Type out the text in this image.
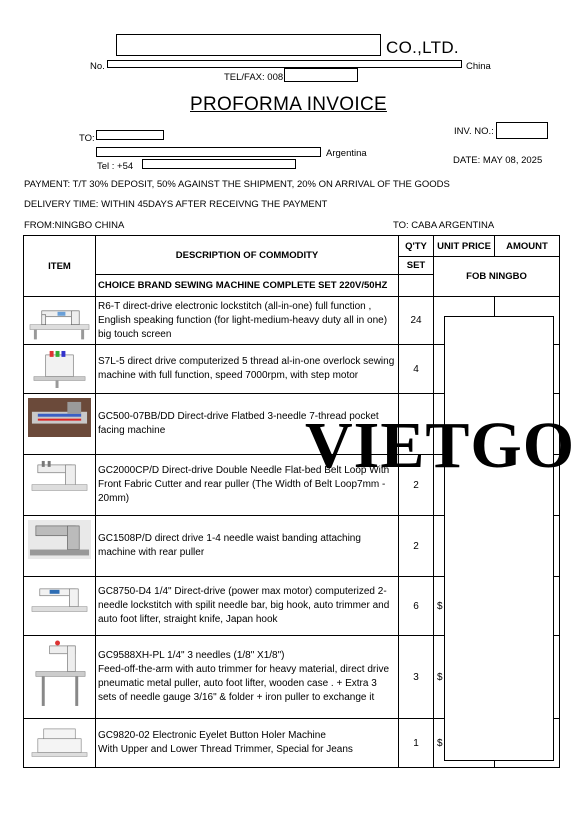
CO.,LTD.
No.	China
TEL/FAX: 008
PROFORMA INVOICE
TO:
Argentina
Tel : +54
INV. NO.:
DATE: MAY 08, 2025
PAYMENT: T/T 30% DEPOSIT, 50% AGAINST THE SHIPMENT, 20% ON ARRIVAL OF THE GOODS
DELIVERY TIME: WITHIN 45DAYS AFTER RECEIVNG THE PAYMENT
FROM:NINGBO CHINA	TO: CABA ARGENTINA
ITEM	DESCRIPTION OF COMMODITY	Q'TY	UNIT PRICE	AMOUNT
		SET	FOB NINGBO	
	CHOICE BRAND SEWING MACHINE COMPLETE SET 220V/50HZ			

	R6-T direct-drive electronic lockstitch (all-in-one) full function , English speaking function (for light-medium-heavy duty all in one) big touch screen	24		

	S7L-5 direct drive computerized 5 thread al-in-one overlock sewing machine with full function, speed 7000rpm, with step motor	4		

	GC500-07BB/DD Direct-drive Flatbed 3-needle 7-thread pocket facing machine			

	GC2000CP/D Direct-drive Double Needle Flat-bed Belt Loop With Front Fabric Cutter and rear puller (The Width of Belt Loop7mm - 20mm)	2		

	GC1508P/D direct drive 1-4 needle waist banding attaching machine with rear puller	2		

	GC8750-D4 1/4" Direct-drive (power max motor) computerized 2-needle lockstitch with spilit needle bar, big hook, auto trimmer and auto foot lifter, straight knife, Japan hook	6	$	

	GC9588XH-PL 1/4" 3 needles (1/8" X1/8")
Feed-off-the-arm with auto trimmer for heavy material, direct drive pneumatic metal puller, auto foot lifter, wooden case . + Extra 3 sets of needle gauge 3/16" & folder + iron puller to exchange it	3	$	

	GC9820-02 Electronic Eyelet Button Holer Machine
With Upper and Lower Thread Trimmer, Special for Jeans	1	$	
VIETGO
